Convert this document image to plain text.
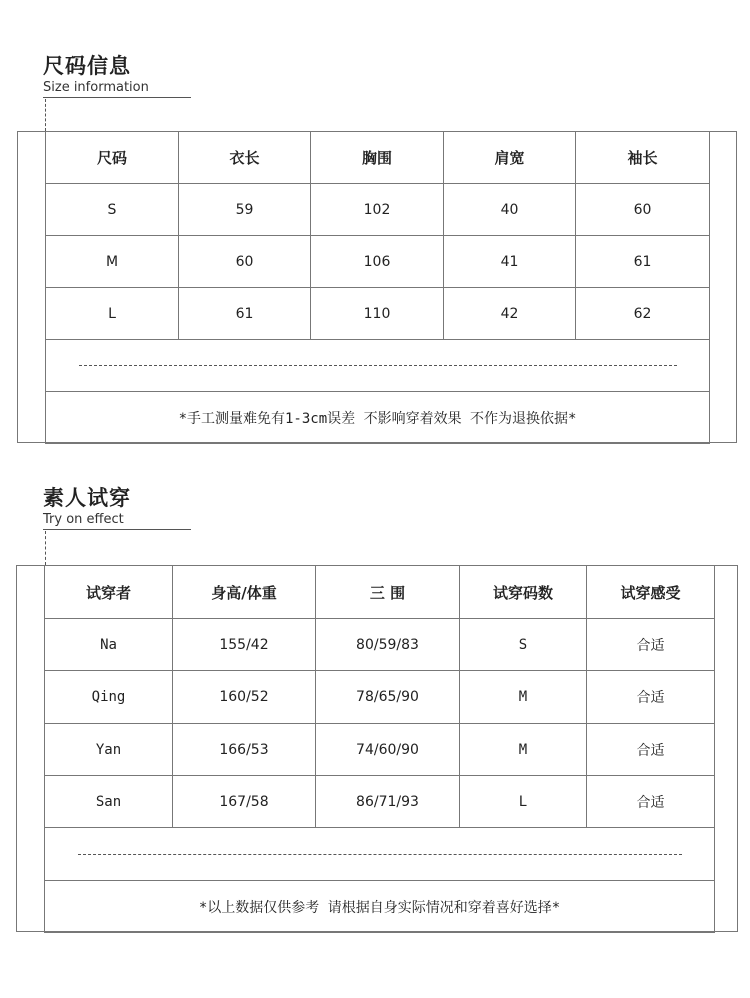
尺码信息
Size information
尺码	衣长	胸围	肩宽	袖长
S	59	102	40	60
M	60	106	41	61
L	61	110	42	62

*手工测量难免有1-3cm误差 不影响穿着效果 不作为退换依据*				
素人试穿
Try on effect
试穿者	身高/体重	三 围	试穿码数	试穿感受
Na	155/42	80/59/83	S	合适
Qing	160/52	78/65/90	M	合适
Yan	166/53	74/60/90	M	合适
San	167/58	86/71/93	L	合适

*以上数据仅供参考 请根据自身实际情况和穿着喜好选择*				
